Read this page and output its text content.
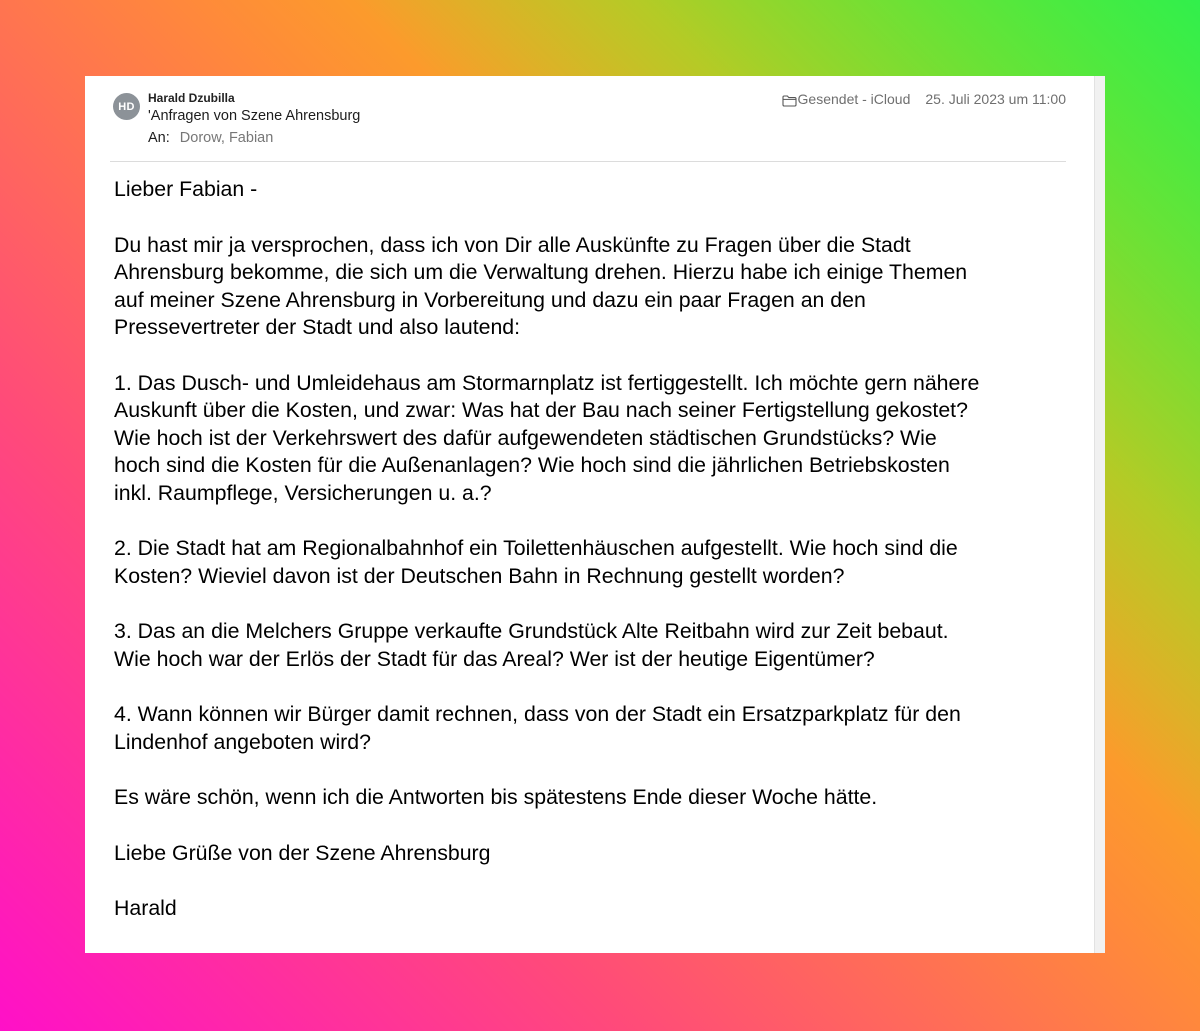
HD
Harald Dzubilla
'Anfragen von Szene Ahrensburg
An: Dorow, Fabian
Gesendet - iCloud 25. Juli 2023 um 11:00

Lieber Fabian -

Du hast mir ja versprochen, dass ich von Dir alle Auskünfte zu Fragen über die Stadt
Ahrensburg bekomme, die sich um die Verwaltung drehen. Hierzu habe ich einige Themen
auf meiner Szene Ahrensburg in Vorbereitung und dazu ein paar Fragen an den
Pressevertreter der Stadt und also lautend:

1. Das Dusch- und Umleidehaus am Stormarnplatz ist fertiggestellt. Ich möchte gern nähere
Auskunft über die Kosten, und zwar: Was hat der Bau nach seiner Fertigstellung gekostet?
Wie hoch ist der Verkehrswert des dafür aufgewendeten städtischen Grundstücks? Wie
hoch sind die Kosten für die Außenanlagen? Wie hoch sind die jährlichen Betriebskosten
inkl. Raumpflege, Versicherungen u. a.?

2. Die Stadt hat am Regionalbahnhof ein Toilettenhäuschen aufgestellt. Wie hoch sind die
Kosten? Wieviel davon ist der Deutschen Bahn in Rechnung gestellt worden?

3. Das an die Melchers Gruppe verkaufte Grundstück Alte Reitbahn wird zur Zeit bebaut.
Wie hoch war der Erlös der Stadt für das Areal? Wer ist der heutige Eigentümer?

4. Wann können wir Bürger damit rechnen, dass von der Stadt ein Ersatzparkplatz für den
Lindenhof angeboten wird?

Es wäre schön, wenn ich die Antworten bis spätestens Ende dieser Woche hätte.

Liebe Grüße von der Szene Ahrensburg

Harald
